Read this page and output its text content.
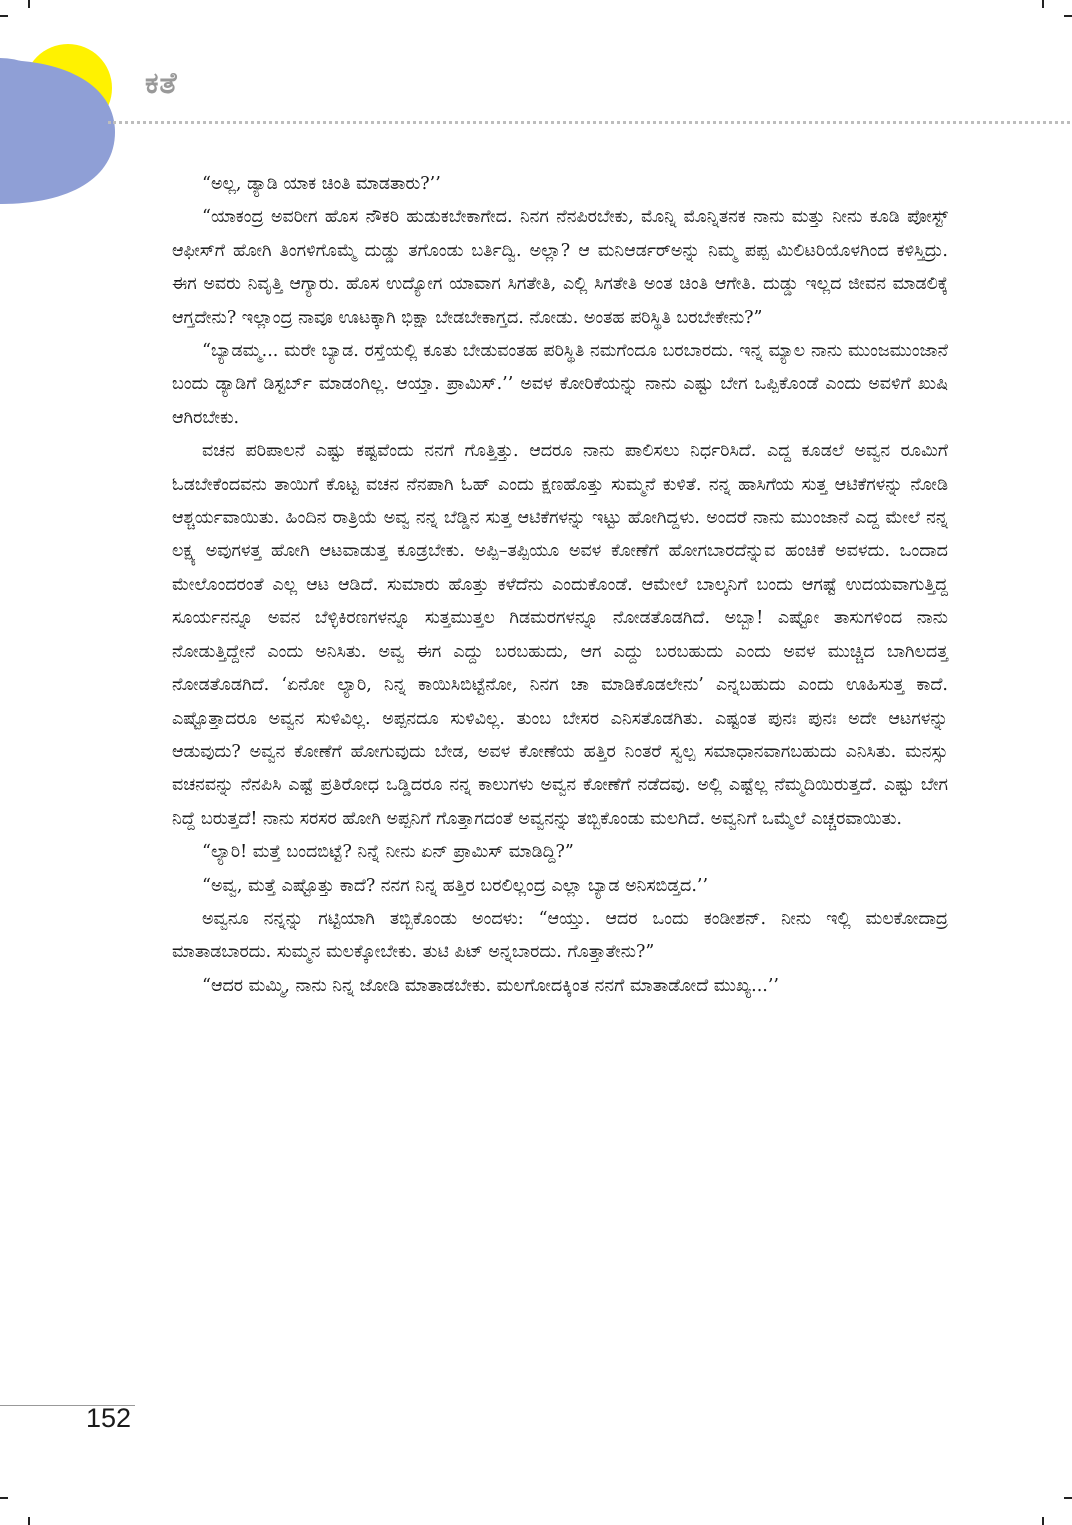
ಕತೆ

“ಅಲ್ಲ, ಡ್ಯಾಡಿ ಯಾಕ ಚಿಂತಿ ಮಾಡತಾರು?’’

“ಯಾಕಂದ್ರ ಅವರೀಗ ಹೊಸ ನೌಕರಿ ಹುಡುಕಬೇಕಾಗೇದ. ನಿನಗ ನೆನಪಿರಬೇಕು, ಮೊನ್ನಿ ಮೊನ್ನಿತನಕ ನಾನು ಮತ್ತು ನೀನು ಕೂಡಿ ಪೋಸ್ಟ್ ಆಫೀಸ್‌ಗೆ ಹೋಗಿ ತಿಂಗಳಿಗೊಮ್ಮೆ ದುಡ್ಡು ತಗೊಂಡು ಬರ್ತಿದ್ವಿ. ಅಲ್ಲಾ? ಆ ಮನಿಆರ್ಡರ್‌ಅನ್ನು ನಿಮ್ಮ ಪಪ್ಪ ಮಿಲಿಟರಿಯೊಳಗಿಂದ ಕಳಿಸ್ತಿದ್ರು. ಈಗ ಅವರು ನಿವೃತ್ತಿ ಆಗ್ಯಾರು. ಹೊಸ ಉದ್ಯೋಗ ಯಾವಾಗ ಸಿಗತೇತಿ, ಎಲ್ಲಿ ಸಿಗತೇತಿ ಅಂತ ಚಿಂತಿ ಆಗೇತಿ. ದುಡ್ಡು ಇಲ್ಲದ ಜೀವನ ಮಾಡಲಿಕ್ಕೆ ಆಗ್ತದೇನು? ಇಲ್ಲಾಂದ್ರ ನಾವೂ ಊಟಕ್ಕಾಗಿ ಭಿಕ್ಷಾ ಬೇಡಬೇಕಾಗ್ತದ. ನೋಡು. ಅಂತಹ ಪರಿಸ್ಥಿತಿ ಬರಬೇಕೇನು?”

“ಬ್ಯಾಡಮ್ಮ... ಮರೇ ಬ್ಯಾಡ. ರಸ್ತೆಯಲ್ಲಿ ಕೂತು ಬೇಡುವಂತಹ ಪರಿಸ್ಥಿತಿ ನಮಗೆಂದೂ ಬರಬಾರದು. ಇನ್ನ ಮ್ಯಾಲ ನಾನು ಮುಂಜಮುಂಜಾನೆ ಬಂದು ಡ್ಯಾಡಿಗೆ ಡಿಸ್ಟರ್ಬ್ ಮಾಡಂಗಿಲ್ಲ. ಆಯ್ತಾ. ಪ್ರಾಮಿಸ್.’’ ಅವಳ ಕೋರಿಕೆಯನ್ನು ನಾನು ಎಷ್ಟು ಬೇಗ ಒಪ್ಪಿಕೊಂಡೆ ಎಂದು ಅವಳಿಗೆ ಖುಷಿ ಆಗಿರಬೇಕು.

ವಚನ ಪರಿಪಾಲನೆ ಎಷ್ಟು ಕಷ್ಟವೆಂದು ನನಗೆ ಗೊತ್ತಿತ್ತು. ಆದರೂ ನಾನು ಪಾಲಿಸಲು ನಿರ್ಧರಿಸಿದೆ. ಎದ್ದ ಕೂಡಲೆ ಅವ್ವನ ರೂಮಿಗೆ ಓಡಬೇಕೆಂದವನು ತಾಯಿಗೆ ಕೊಟ್ಟ ವಚನ ನೆನಪಾಗಿ ಓಹ್ ಎಂದು ಕ್ಷಣಹೊತ್ತು ಸುಮ್ಮನೆ ಕುಳಿತೆ. ನನ್ನ ಹಾಸಿಗೆಯ ಸುತ್ತ ಆಟಿಕೆಗಳನ್ನು ನೋಡಿ ಆಶ್ಚರ್ಯವಾಯಿತು. ಹಿಂದಿನ ರಾತ್ರಿಯೆ ಅವ್ವ ನನ್ನ ಬೆಡ್ಡಿನ ಸುತ್ತ ಆಟಿಕೆಗಳನ್ನು ಇಟ್ಟು ಹೋಗಿದ್ದಳು. ಅಂದರೆ ನಾನು ಮುಂಜಾನೆ ಎದ್ದ ಮೇಲೆ ನನ್ನ ಲಕ್ಷ್ಯ ಅವುಗಳತ್ತ ಹೋಗಿ ಆಟವಾಡುತ್ತ ಕೂಡ್ರಬೇಕು. ಅಪ್ಪಿ–ತಪ್ಪಿಯೂ ಅವಳ ಕೋಣೆಗೆ ಹೋಗಬಾರದೆನ್ನುವ ಹಂಚಿಕೆ ಅವಳದು. ಒಂದಾದ ಮೇಲೊಂದರಂತೆ ಎಲ್ಲ ಆಟ ಆಡಿದೆ. ಸುಮಾರು ಹೊತ್ತು ಕಳೆದೆನು ಎಂದುಕೊಂಡೆ. ಆಮೇಲೆ ಬಾಲ್ಕನಿಗೆ ಬಂದು ಆಗಷ್ಟೆ ಉದಯವಾಗುತ್ತಿದ್ದ ಸೂರ್ಯನನ್ನೂ ಅವನ ಬೆಳ್ಳಿಕಿರಣಗಳನ್ನೂ ಸುತ್ತಮುತ್ತಲ ಗಿಡಮರಗಳನ್ನೂ ನೋಡತೊಡಗಿದೆ. ಅಬ್ಬಾ! ಎಷ್ಟೋ ತಾಸುಗಳಿಂದ ನಾನು ನೋಡುತ್ತಿದ್ದೇನೆ ಎಂದು ಅನಿಸಿತು. ಅವ್ವ ಈಗ ಎದ್ದು ಬರಬಹುದು, ಆಗ ಎದ್ದು ಬರಬಹುದು ಎಂದು ಅವಳ ಮುಚ್ಚಿದ ಬಾಗಿಲದತ್ತ ನೋಡತೊಡಗಿದೆ. ‘ಏನೋ ಲ್ಯಾರಿ, ನಿನ್ನ ಕಾಯಿಸಿಬಿಟ್ಟೆನೋ, ನಿನಗ ಚಾ ಮಾಡಿಕೊಡಲೇನು’ ಎನ್ನಬಹುದು ಎಂದು ಊಹಿಸುತ್ತ ಕಾದೆ. ಎಷ್ಟೊತ್ತಾದರೂ ಅವ್ವನ ಸುಳಿವಿಲ್ಲ. ಅಪ್ಪನದೂ ಸುಳಿವಿಲ್ಲ. ತುಂಬ ಬೇಸರ ಎನಿಸತೊಡಗಿತು. ಎಷ್ಟಂತ ಪುನಃ ಪುನಃ ಅದೇ ಆಟಗಳನ್ನು ಆಡುವುದು? ಅವ್ವನ ಕೋಣೆಗೆ ಹೋಗುವುದು ಬೇಡ, ಅವಳ ಕೋಣೆಯ ಹತ್ತಿರ ನಿಂತರೆ ಸ್ವಲ್ಪ ಸಮಾಧಾನವಾಗಬಹುದು ಎನಿಸಿತು. ಮನಸ್ಸು ವಚನವನ್ನು ನೆನಪಿಸಿ ಎಷ್ಟೆ ಪ್ರತಿರೋಧ ಒಡ್ಡಿದರೂ ನನ್ನ ಕಾಲುಗಳು ಅವ್ವನ ಕೋಣೆಗೆ ನಡೆದವು. ಅಲ್ಲಿ ಎಷ್ಟೆಲ್ಲ ನೆಮ್ಮದಿಯಿರುತ್ತದೆ. ಎಷ್ಟು ಬೇಗ ನಿದ್ದೆ ಬರುತ್ತದೆ! ನಾನು ಸರಸರ ಹೋಗಿ ಅಪ್ಪನಿಗೆ ಗೊತ್ತಾಗದಂತೆ ಅವ್ವನನ್ನು ತಬ್ಬಿಕೊಂಡು ಮಲಗಿದೆ. ಅವ್ವನಿಗೆ ಒಮ್ಮೆಲೆ ಎಚ್ಚರವಾಯಿತು.

“ಲ್ಯಾರಿ! ಮತ್ತೆ ಬಂದಬಿಟ್ಟೆ? ನಿನ್ನೆ ನೀನು ಏನ್ ಪ್ರಾಮಿಸ್ ಮಾಡಿದ್ದಿ?”

“ಅವ್ವ, ಮತ್ತೆ ಎಷ್ಟೊತ್ತು ಕಾದೆ? ನನಗ ನಿನ್ನ ಹತ್ತಿರ ಬರಲಿಲ್ಲಂದ್ರ ಎಲ್ಲಾ ಬ್ಯಾಡ ಅನಿಸಬಿಡ್ತದ.’’

ಅವ್ವನೂ ನನ್ನನ್ನು ಗಟ್ಟಿಯಾಗಿ ತಬ್ಬಿಕೊಂಡು ಅಂದಳು: “ಆಯ್ತು. ಆದರ ಒಂದು ಕಂಡೀಶನ್. ನೀನು ಇಲ್ಲಿ ಮಲಕೋದಾದ್ರ ಮಾತಾಡಬಾರದು. ಸುಮ್ಮನ ಮಲಕ್ಕೋಬೇಕು. ತುಟಿ ಪಿಟ್ ಅನ್ನಬಾರದು. ಗೊತ್ತಾತೇನು?”

“ಆದರ ಮಮ್ಮಿ, ನಾನು ನಿನ್ನ ಜೋಡಿ ಮಾತಾಡಬೇಕು. ಮಲಗೋದಕ್ಕಿಂತ ನನಗೆ ಮಾತಾಡೋದೆ ಮುಖ್ಯ...’’

152
